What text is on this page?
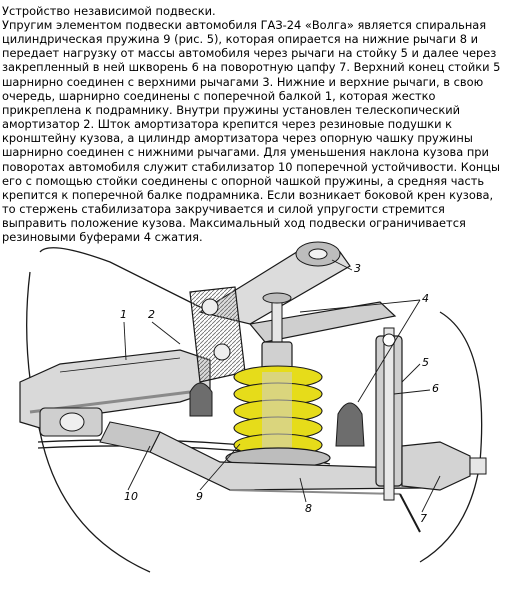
Устройство независимой подвески.
Упругим элементом подвески автомобиля ГАЗ-24 «Волга» является спиральная цилиндрическая пружина 9 (рис. 5), которая опирается на нижние рычаги 8 и передает нагрузку от массы автомобиля через рычаги на стойку 5 и далее через закрепленный в ней шкворень 6 на поворотную цапфу 7. Верхний конец стойки 5 шарнирно соединен с верхними рычагами 3. Нижние и верхние рычаги, в свою очередь, шарнирно соединены с поперечной балкой 1, которая жестко прикреплена к подрамнику. Внутри пружины установлен телескопический амортизатор 2. Шток амортизатора крепится через резиновые подушки к кронштейну кузова, а цилиндр амортизатора через опорную чашку пружины шарнирно соединен с нижними рычагами. Для уменьшения наклона кузова при поворотах автомобиля служит стабилизатор 10 поперечной устойчивости. Концы его с помощью стойки соединены с опорной чашкой пружины, а средняя часть крепится к поперечной балке подрамника. Если возникает боковой крен кузова, то стержень стабилизатора закручивается и силой упругости стремится выправить положение кузова. Максимальный ход подвески ограничивается резиновыми буферами 4 сжатия.
1 2
3
4
5
6
7
8
9
10
